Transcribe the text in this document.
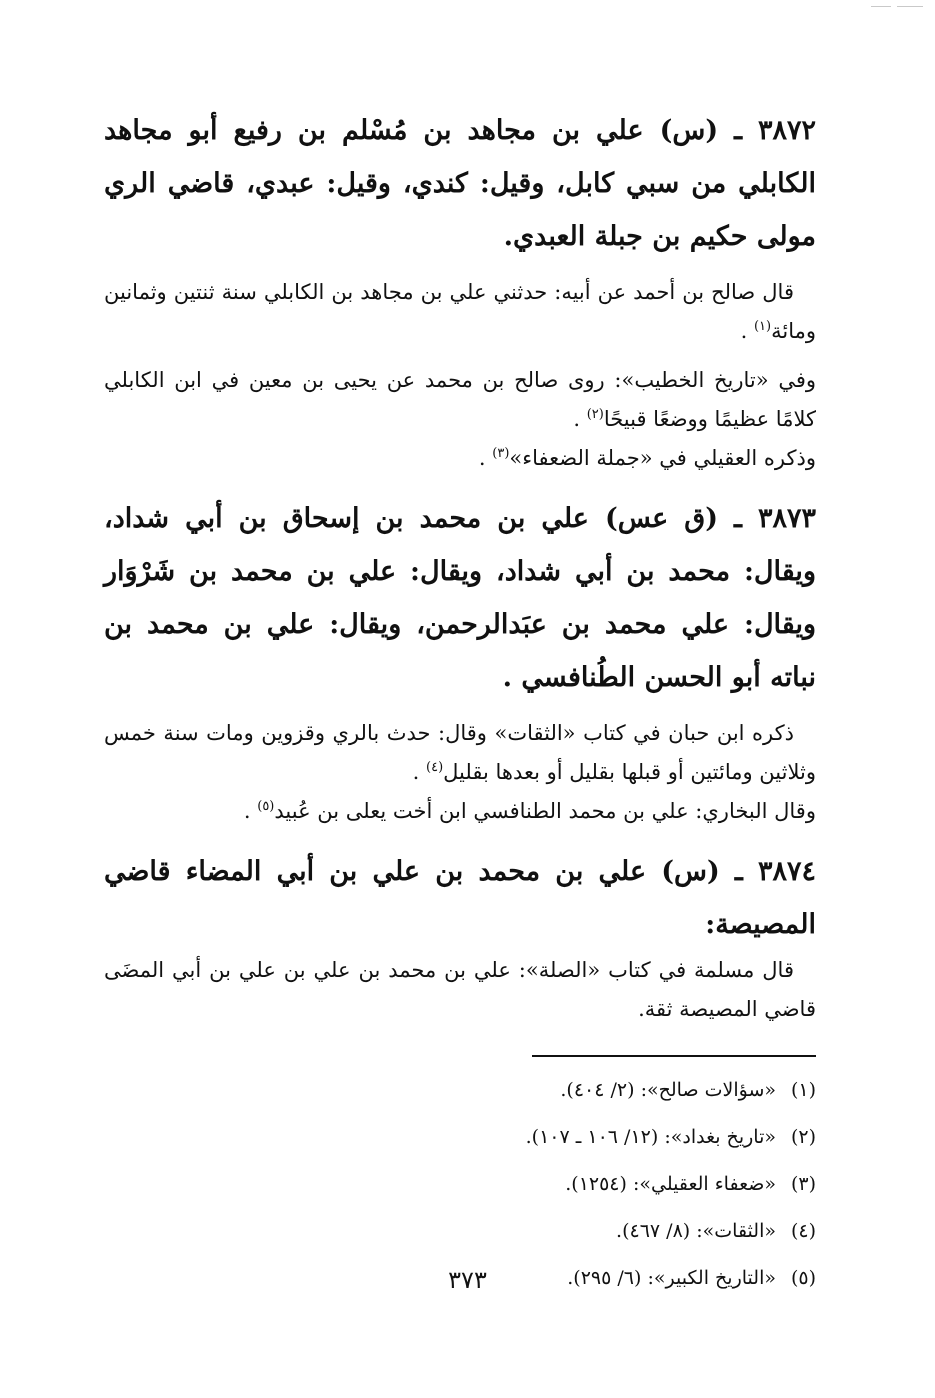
٣٨٧٢ ـ (س) علي بن مجاهد بن مُسْلم بن رفيع أبو مجاهد الكابلي من سبي كابل، وقيل: كندي، وقيل: عبدي، قاضي الري مولى حكيم بن جبلة العبدي.

قال صالح بن أحمد عن أبيه: حدثني علي بن مجاهد بن الكابلي سنة ثنتين وثمانين ومائة$^{(١)}$ .

وفي «تاريخ الخطيب»: روى صالح بن محمد عن يحيى بن معين في ابن الكابلي كلامًا عظيمًا ووضعًا قبيحًا$^{(٢)}$ .

وذكره العقيلي في «جملة الضعفاء»$^{(٣)}$ .

٣٨٧٣ ـ (ق عس) علي بن محمد بن إسحاق بن أبي شداد، ويقال: محمد بن أبي شداد، ويقال: علي بن محمد بن شَرْوَار ويقال: علي محمد بن عبَدالرحمن، ويقال: علي بن محمد بن نباته أبو الحسن الطُنافسي .

ذكره ابن حبان في كتاب «الثقات» وقال: حدث بالري وقزوين ومات سنة خمس وثلاثين ومائتين أو قبلها بقليل أو بعدها بقليل$^{(٤)}$ .

وقال البخاري: علي بن محمد الطنافسي ابن أخت يعلى بن عُبيد$^{(٥)}$ .

٣٨٧٤ ـ (س) علي بن محمد بن علي بن أبي المضاء قاضي المصيصة:

قال مسلمة في كتاب «الصلة»: علي بن محمد بن علي بن علي بن أبي المضَى قاضي المصيصة ثقة.

(١)«سؤالات صالح»: (٢/ ٤٠٤).
(٢)«تاريخ بغداد»: (١٢/ ١٠٦ ـ ١٠٧).
(٣)«ضعفاء العقيلي»: (١٢٥٤).
(٤)«الثقات»: (٨/ ٤٦٧).
(٥)«التاريخ الكبير»: (٦/ ٢٩٥).
٣٧٣
